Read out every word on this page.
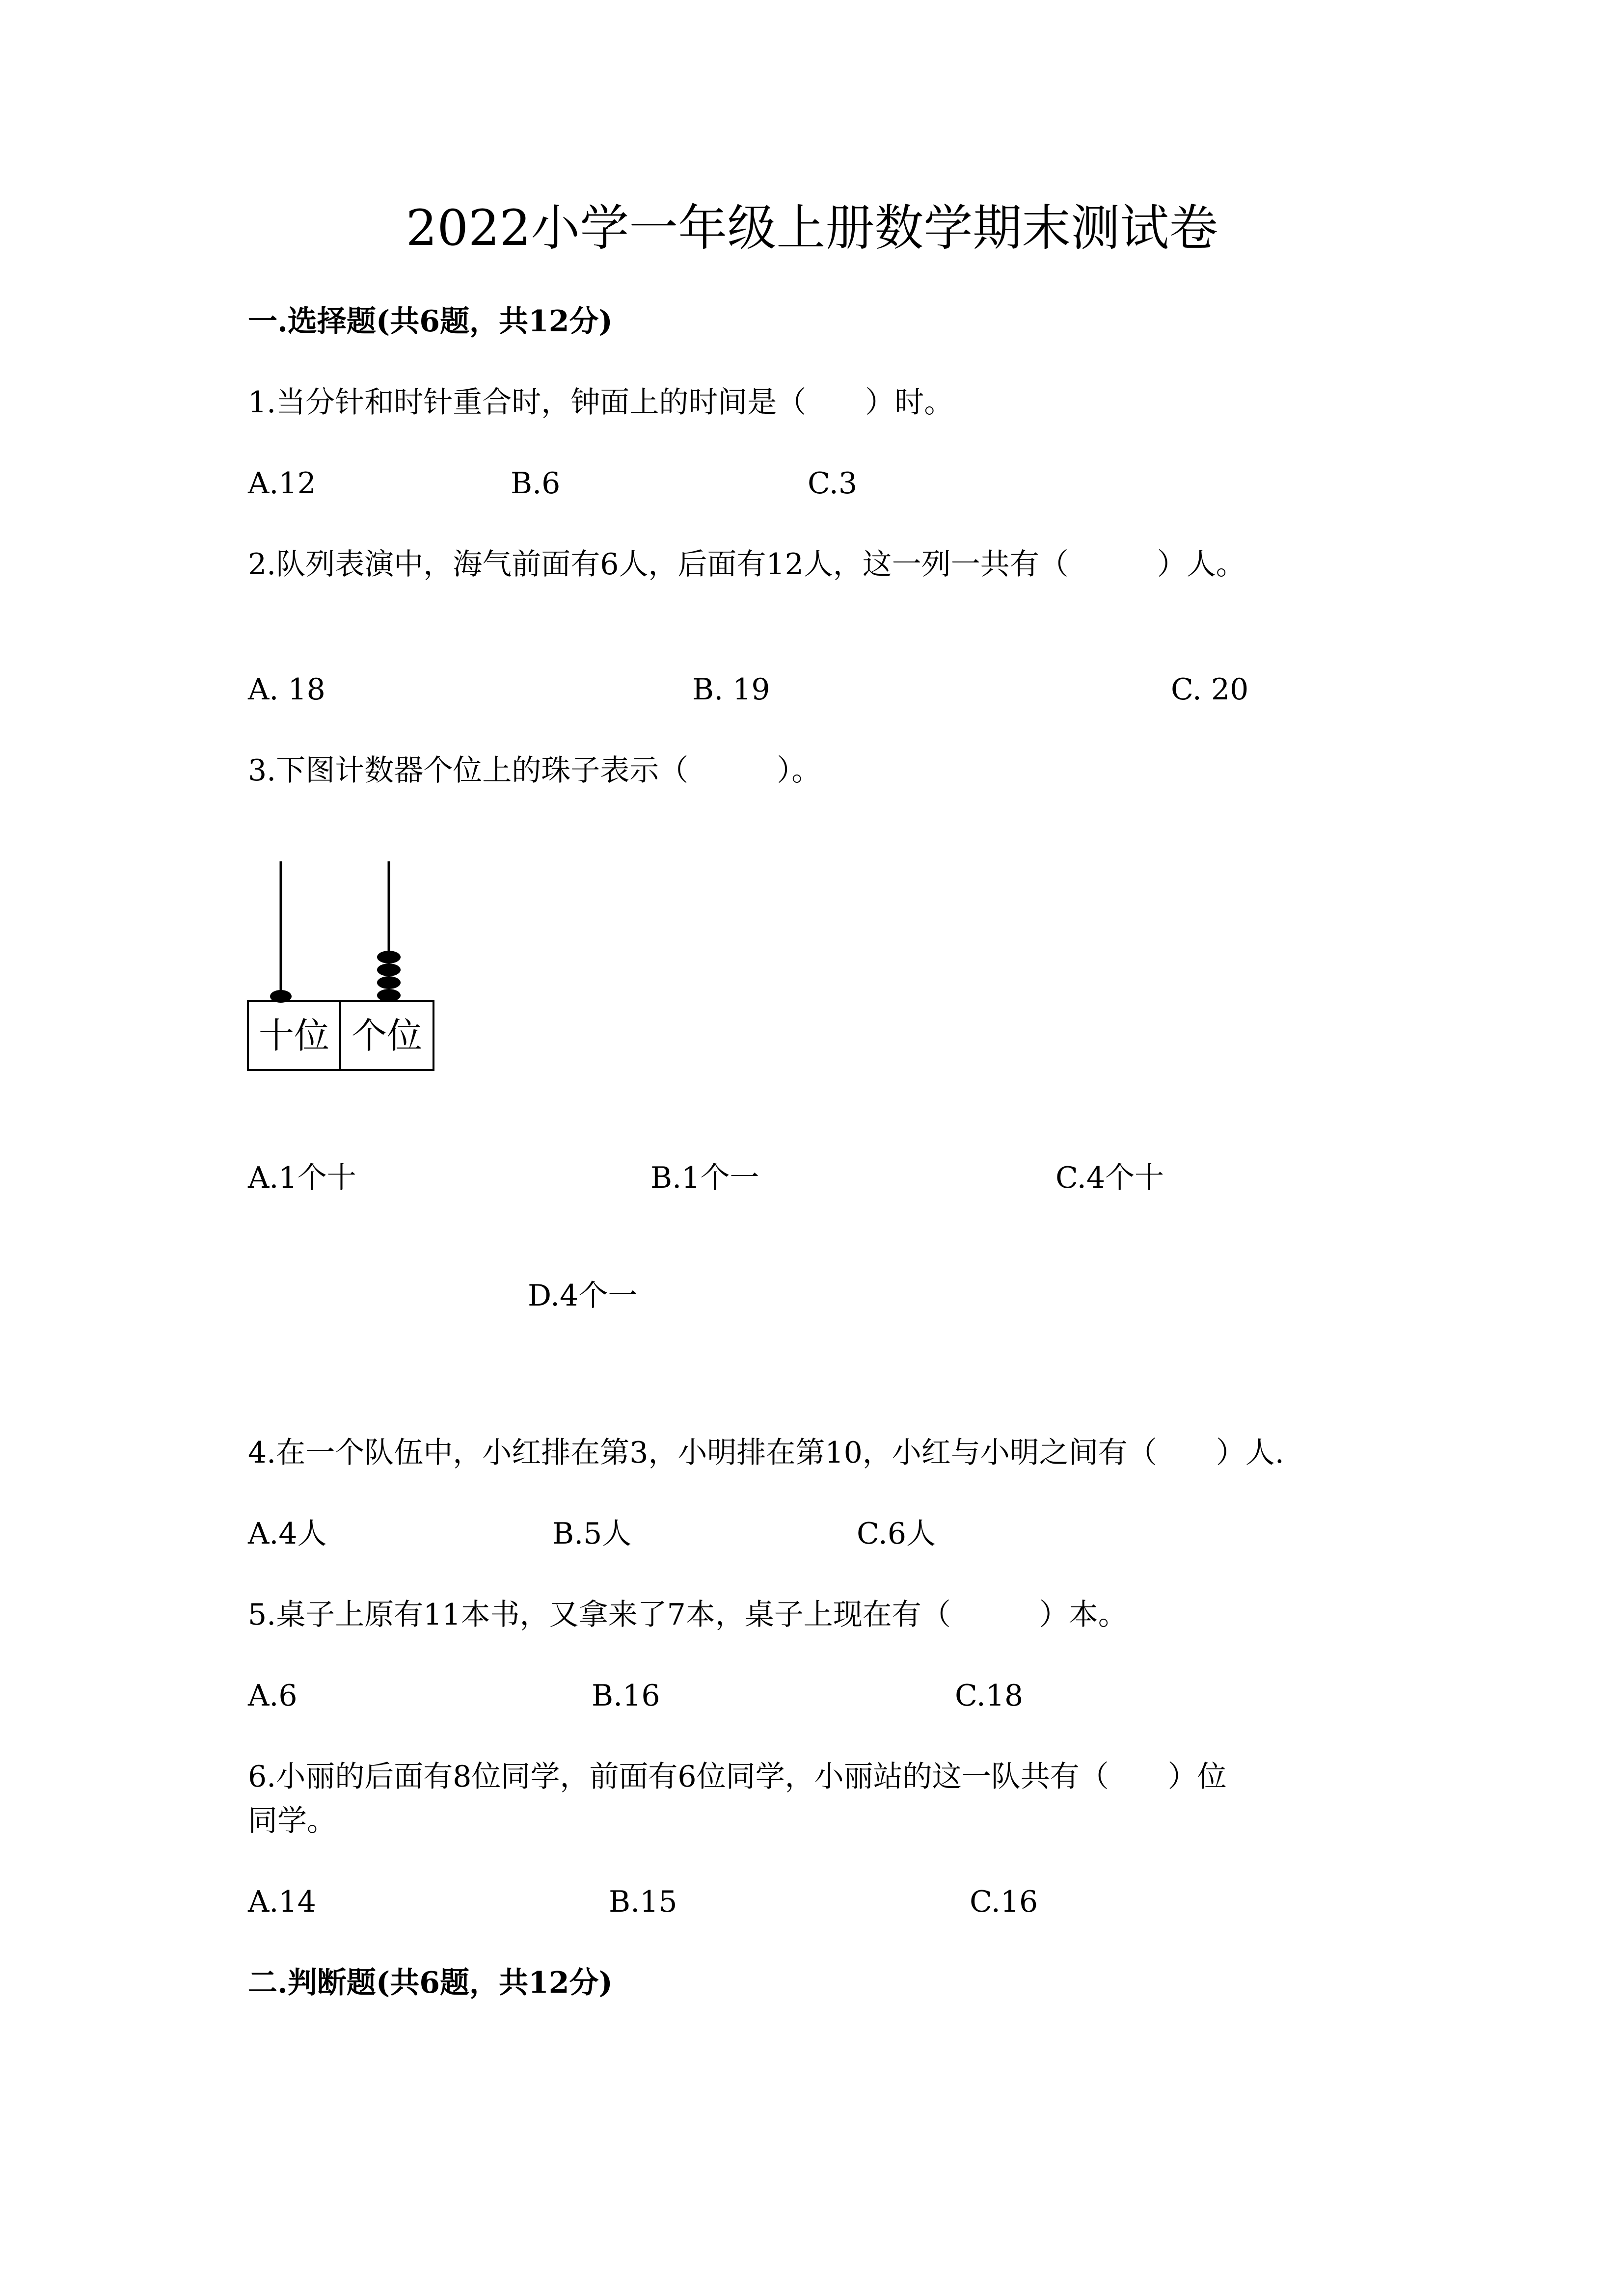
2022小学一年级上册数学期末测试卷
一.选择题(共6题，共12分)
1.当分针和时针重合时，钟面上的时间是（　　）时。
A.12	B.6	C.3
2.队列表演中，海气前面有6人，后面有12人，这一列一共有（　　　）人。
A. 18	B. 19	C. 20
3.下图计数器个位上的珠子表示（　　　）。
十位 个位
A.1个十	B.1个一	C.4个十
D.4个一
4.在一个队伍中，小红排在第3，小明排在第10，小红与小明之间有（　　）人.
A.4人	B.5人	C.6人
5.桌子上原有11本书，又拿来了7本，桌子上现在有（　　　）本。
A.6	B.16	C.18
6.小丽的后面有8位同学，前面有6位同学，小丽站的这一队共有（　　）位
同学。
A.14	B.15	C.16
二.判断题(共6题，共12分)
